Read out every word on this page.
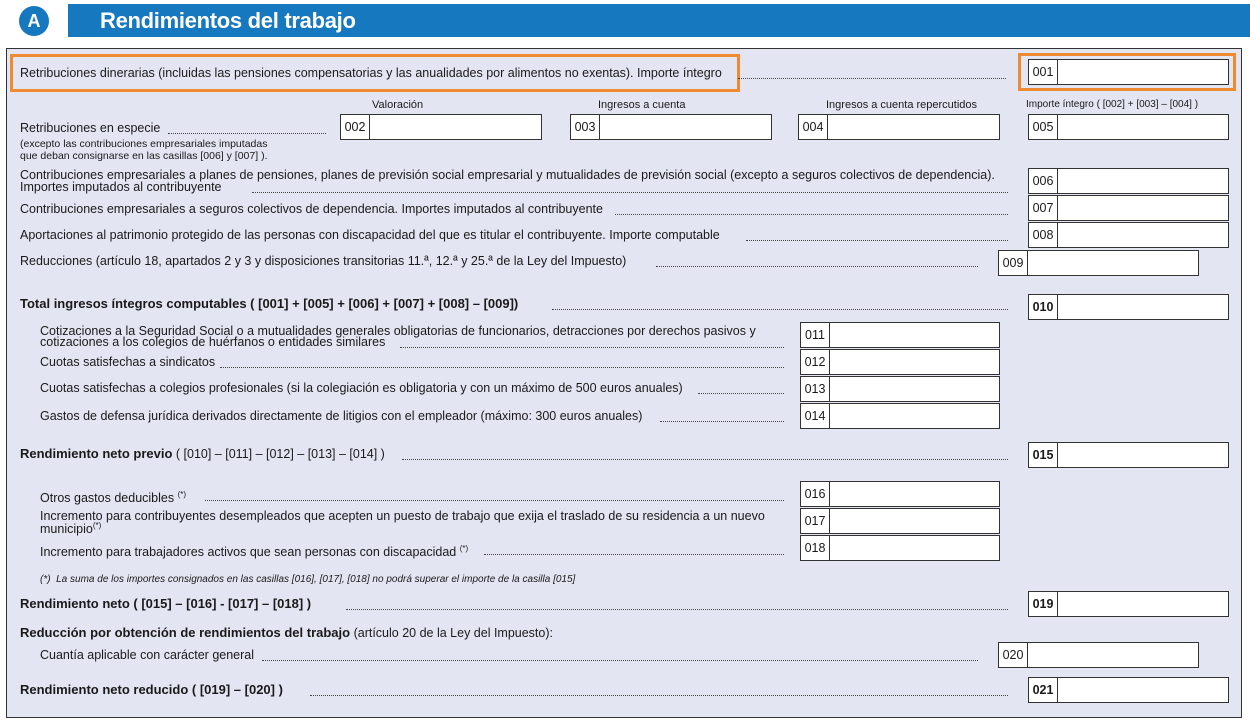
A	Rendimientos del trabajo
Retribuciones dinerarias (incluidas las pensiones compensatorias y las anualidades por alimentos no exentas). Importe íntegro	001
Valoración	Ingresos a cuenta	Ingresos a cuenta repercutidos	Importe íntegro ( [002] + [003] – [004] )
Retribuciones en especie
(excepto las contribuciones empresariales imputadas
que deban consignarse en las casillas [006] y [007] ).
002	003	004	005
Contribuciones empresariales a planes de pensiones, planes de previsión social empresarial y mutualidades de previsión social (excepto a seguros colectivos de dependencia).
Importes imputados al contribuyente	006
Contribuciones empresariales a seguros colectivos de dependencia. Importes imputados al contribuyente	007
Aportaciones al patrimonio protegido de las personas con discapacidad del que es titular el contribuyente. Importe computable	008
Reducciones (artículo 18, apartados 2 y 3 y disposiciones transitorias 11.ª, 12.ª y 25.ª de la Ley del Impuesto)	009
Total ingresos íntegros computables ( [001] + [005] + [006] + [007] + [008] – [009])	010
Cotizaciones a la Seguridad Social o a mutualidades generales obligatorias de funcionarios, detracciones por derechos pasivos y
cotizaciones a los colegios de huérfanos o entidades similares	011
Cuotas satisfechas a sindicatos	012
Cuotas satisfechas a colegios profesionales (si la colegiación es obligatoria y con un máximo de 500 euros anuales)	013
Gastos de defensa jurídica derivados directamente de litigios con el empleador (máximo: 300 euros anuales)	014
Rendimiento neto previo ( [010] – [011] – [012] – [013] – [014] )	015
Otros gastos deducibles (*)	016
Incremento para contribuyentes desempleados que acepten un puesto de trabajo que exija el traslado de su residencia a un nuevo
municipio(*)	017
Incremento para trabajadores activos que sean personas con discapacidad (*)	018
(*) La suma de los importes consignados en las casillas [016], [017], [018] no podrá superar el importe de la casilla [015]
Rendimiento neto ( [015] – [016] - [017] – [018] )	019
Reducción por obtención de rendimientos del trabajo (artículo 20 de la Ley del Impuesto):
Cuantía aplicable con carácter general	020
Rendimiento neto reducido ( [019] – [020] )	021
